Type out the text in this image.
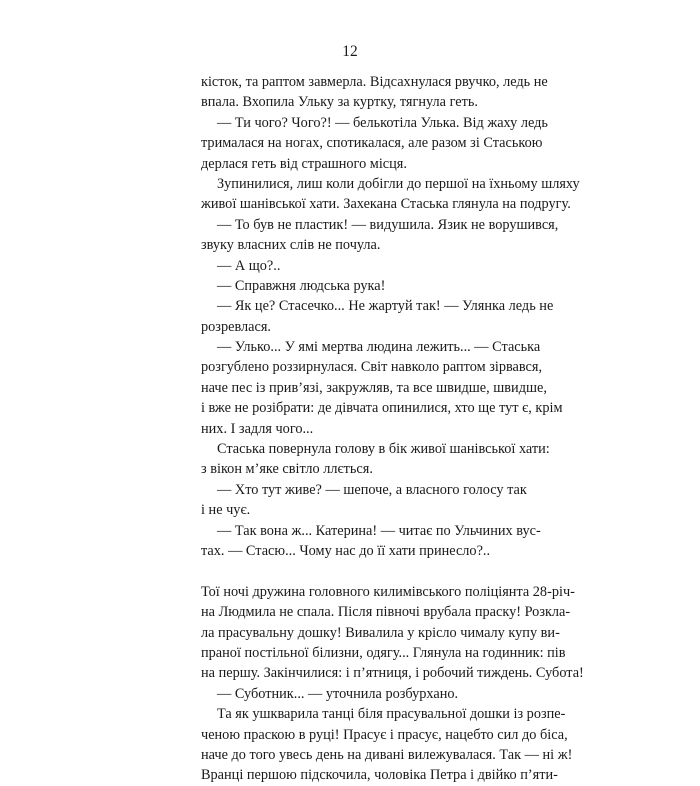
12
кісток, та раптом завмерла. Відсахнулася рвучко, ледь не
впала. Вхопила Ульку за куртку, тягнула геть.
— Ти чого? Чого?! — белькотіла Улька. Від жаху ледь
трималася на ногах, спотикалася, але разом зі Стаською
дерлася геть від страшного місця.
Зупинилися, лиш коли добігли до першої на їхньому шляху
живої шанівської хати. Захекана Стаська глянула на подругу.
— То був не пластик! — видушила. Язик не ворушився,
звуку власних слів не почула.
— А що?..
— Справжня людська рука!
— Як це? Стасечко... Не жартуй так! — Улянка ледь не
розревлася.
— Улько... У ямі мертва людина лежить... — Стаська
розгублено роззирнулася. Світ навколо раптом зірвався,
наче пес із прив’язі, закружляв, та все швидше, швидше,
і вже не розібрати: де дівчата опинилися, хто ще тут є, крім
них. І задля чого...
Стаська повернула голову в бік живої шанівської хати:
з вікон м’яке світло ллється.
— Хто тут живе? — шепоче, а власного голосу так
і не чує.
— Так вона ж... Катерина! — читає по Ульчиних вус-
тах. — Стасю... Чому нас до її хати принесло?..
Тої ночі дружина головного килимівського поліціянта 28-річ-
на Людмила не спала. Після півночі врубала праску! Розкла-
ла прасувальну дошку! Вивалила у крісло чималу купу ви-
праної постільної білизни, одягу... Глянула на годинник: пів
на першу. Закінчилися: і п’ятниця, і робочий тиждень. Субота!
— Суботник... — уточнила розбурхано.
Та як ушкварила танці біля прасувальної дошки із розпе-
ченою праскою в руці! Прасує і прасує, нацебто сил до біса,
наче до того увесь день на дивані вилежувалася. Так — ні ж!
Вранці першою підскочила, чоловіка Петра і двійко п’яти-
